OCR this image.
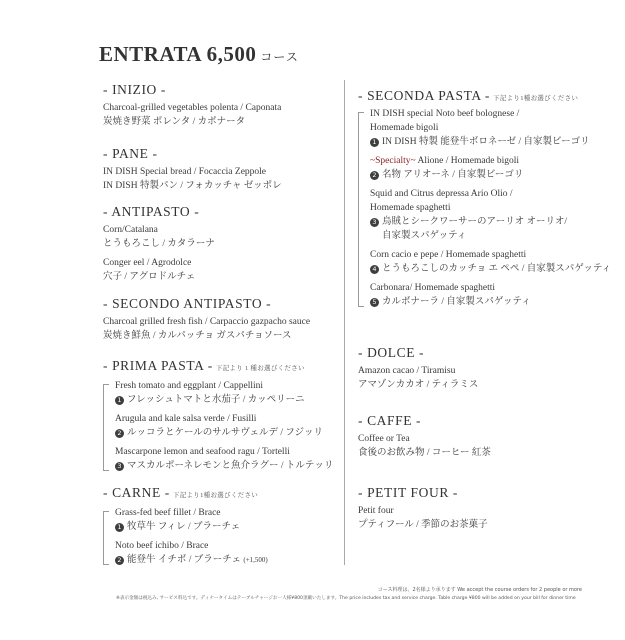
ENTRATA 6,500 コース
- INIZIO -
Charcoal-grilled vegetables polenta / Caponata
炭焼き野菜 ポレンタ / カポナータ
- PANE -
IN DISH Special bread / Focaccia Zeppole
IN DISH 特製パン / フォカッチャ ゼッポレ
- ANTIPASTO -
Corn/Catalana
とうもろこし / カタラーナ
Conger eel / Agrodolce
穴子 / アグロドルチェ
- SECONDO ANTIPASTO -
Charcoal grilled fresh fish / Carpaccio gazpacho sauce
炭焼き鮮魚 / カルパッチョ ガスパチョソース
- PRIMA PASTA - 下記より 1 種お選びください
Fresh tomato and eggplant / Cappellini
1 フレッシュトマトと水茄子 / カッペリーニ
Arugula and kale salsa verde / Fusilli
2 ルッコラとケールのサルサヴェルデ / フジッリ
Mascarpone lemon and seafood ragu / Tortelli
3 マスカルポーネレモンと魚介ラグー / トルテッリ
- CARNE - 下記より1種お選びください
Grass-fed beef fillet / Brace
1 牧草牛 フィレ / ブラーチェ
Noto beef ichibo / Brace
2 能登牛 イチボ / ブラーチェ (+1,500)
- SECONDA PASTA - 下記より1種お選びください
IN DISH special Noto beef bolognese /
Homemade bigoli
1 IN DISH 特製 能登牛ボロネーゼ / 自家製ビーゴリ
~Specialty~ Alione / Homemade bigoli
2 名物 アリオーネ / 自家製ビーゴリ
Squid and Citrus depressa Ario Olio /
Homemade spaghetti
3 烏賊とシークワーサーのアーリオ オーリオ/
自家製スパゲッティ
Corn cacio e pepe / Homemade spaghetti
4 とうもろこしのカッチョ エ ペペ / 自家製スパゲッティ
Carbonara/ Homemade spaghetti
5 カルボナーラ / 自家製スパゲッティ
- DOLCE -
Amazon cacao / Tiramisu
アマゾンカカオ / ティラミス
- CAFFE -
Coffee or Tea
食後のお飲み物 / コーヒー 紅茶
- PETIT FOUR -
Petit four
プティフール / 季節のお茶菓子
コース料理は、2名様より承ります We accept the course orders for 2 people or more
※表示金額は税込み, サービス料込です。ディナータイムはテーブルチャージお一人様¥800頂戴いたします。The price includes tax and service charge. Table charge ¥800 will be added on your bill for dinner time
